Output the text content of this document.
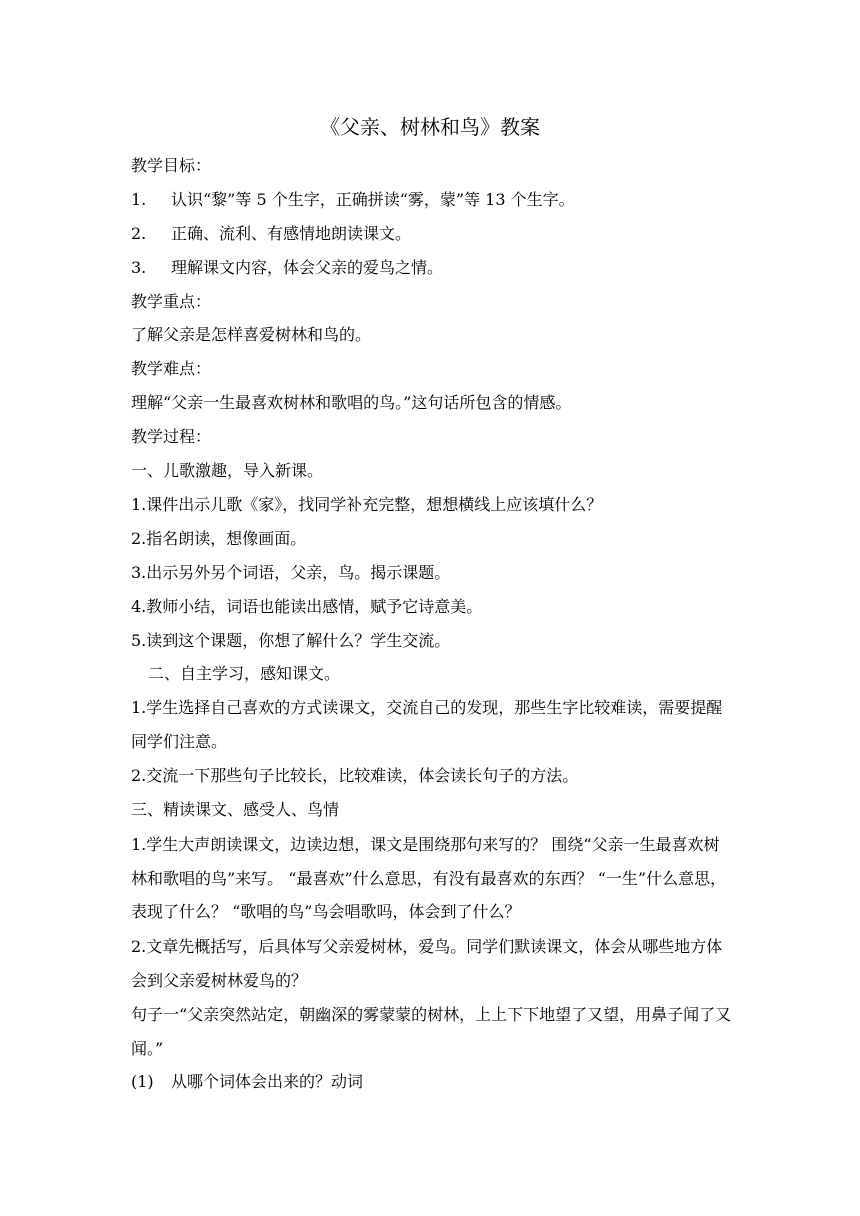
《父亲、树林和鸟》教案
教学目标：
1. 认识“黎”等 5 个生字，正确拼读“雾，蒙”等 13 个生字。
2. 正确、流利、有感情地朗读课文。
3. 理解课文内容，体会父亲的爱鸟之情。
教学重点：
了解父亲是怎样喜爱树林和鸟的。
教学难点：
理解“父亲一生最喜欢树林和歌唱的鸟。”这句话所包含的情感。
教学过程：
一、儿歌激趣，导入新课。
1.课件出示儿歌《家》，找同学补充完整，想想横线上应该填什么？
2.指名朗读，想像画面。
3.出示另外另个词语，父亲，鸟。揭示课题。
4.教师小结，词语也能读出感情，赋予它诗意美。
5.读到这个课题，你想了解什么？学生交流。
二、自主学习，感知课文。
1.学生选择自己喜欢的方式读课文，交流自己的发现，那些生字比较难读，需要提醒同学们注意。
2.交流一下那些句子比较长，比较难读，体会读长句子的方法。
三、精读课文、感受人、鸟情
1.学生大声朗读课文，边读边想，课文是围绕那句来写的？ 围绕“父亲一生最喜欢树林和歌唱的鸟”来写。 “最喜欢”什么意思，有没有最喜欢的东西？ “一生”什么意思，表现了什么？ “歌唱的鸟”鸟会唱歌吗，体会到了什么？
2.文章先概括写，后具体写父亲爱树林，爱鸟。同学们默读课文，体会从哪些地方体会到父亲爱树林爱鸟的？
句子一“父亲突然站定，朝幽深的雾蒙蒙的树林，上上下下地望了又望，用鼻子闻了又闻。”
(1) 从哪个词体会出来的？动词
